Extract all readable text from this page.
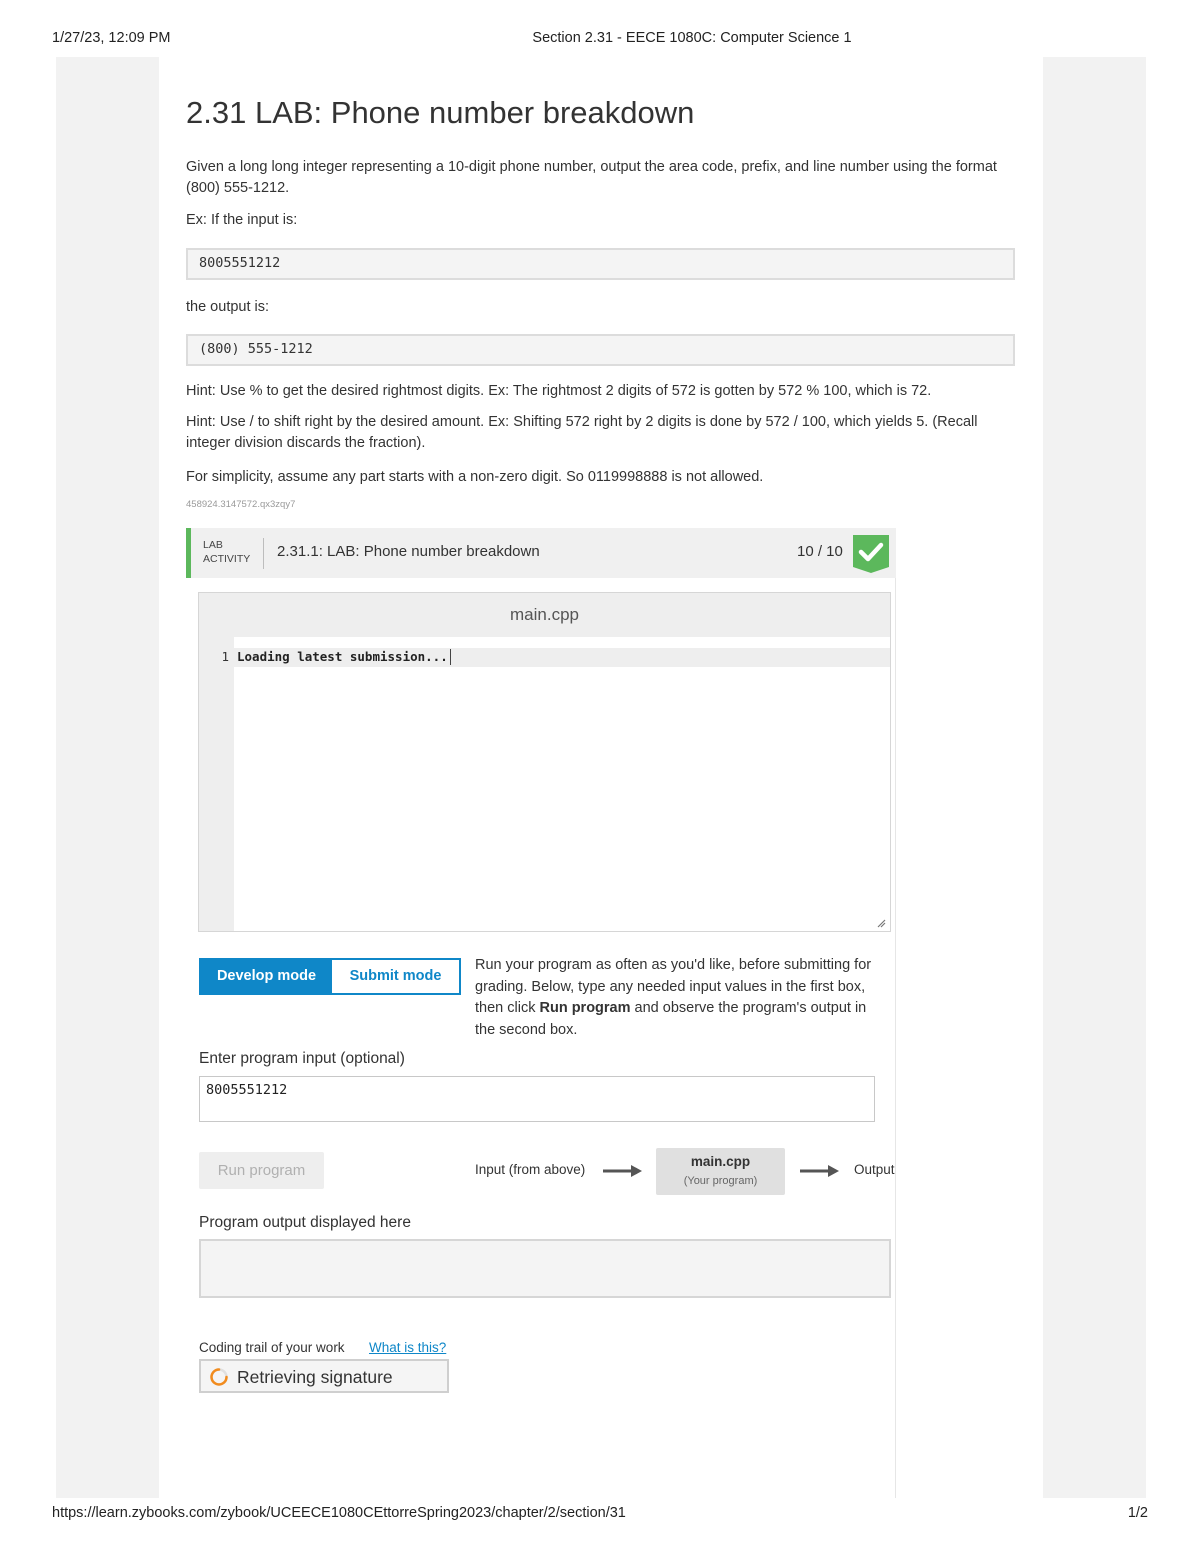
1/27/23, 12:09 PM	Section 2.31 - EECE 1080C: Computer Science 1
2.31 LAB: Phone number breakdown

Given a long long integer representing a 10-digit phone number, output the area code, prefix, and line number using the format (800) 555-1212.

Ex: If the input is:

8005551212

the output is:

(800) 555-1212

Hint: Use % to get the desired rightmost digits. Ex: The rightmost 2 digits of 572 is gotten by 572 % 100, which is 72.

Hint: Use / to shift right by the desired amount. Ex: Shifting 572 right by 2 digits is done by 572 / 100, which yields 5. (Recall integer division discards the fraction).

For simplicity, assume any part starts with a non-zero digit. So 0119998888 is not allowed.

458924.3147572.qx3zqy7
LAB
ACTIVITY 2.31.1: LAB: Phone number breakdown	10 / 10
main.cpp
1 Loading latest submission...
Develop mode	Submit mode
Run your program as often as you'd like, before submitting for grading. Below, type any needed input values in the first box, then click Run program and observe the program's output in the second box.
Enter program input (optional)
8005551212
Run program	Input (from above)
main.cpp
(Your program)
Output
Program output displayed here
Coding trail of your work What is this?
Retrieving signature
https://learn.zybooks.com/zybook/UCEECE1080CEttorreSpring2023/chapter/2/section/31	1/2
